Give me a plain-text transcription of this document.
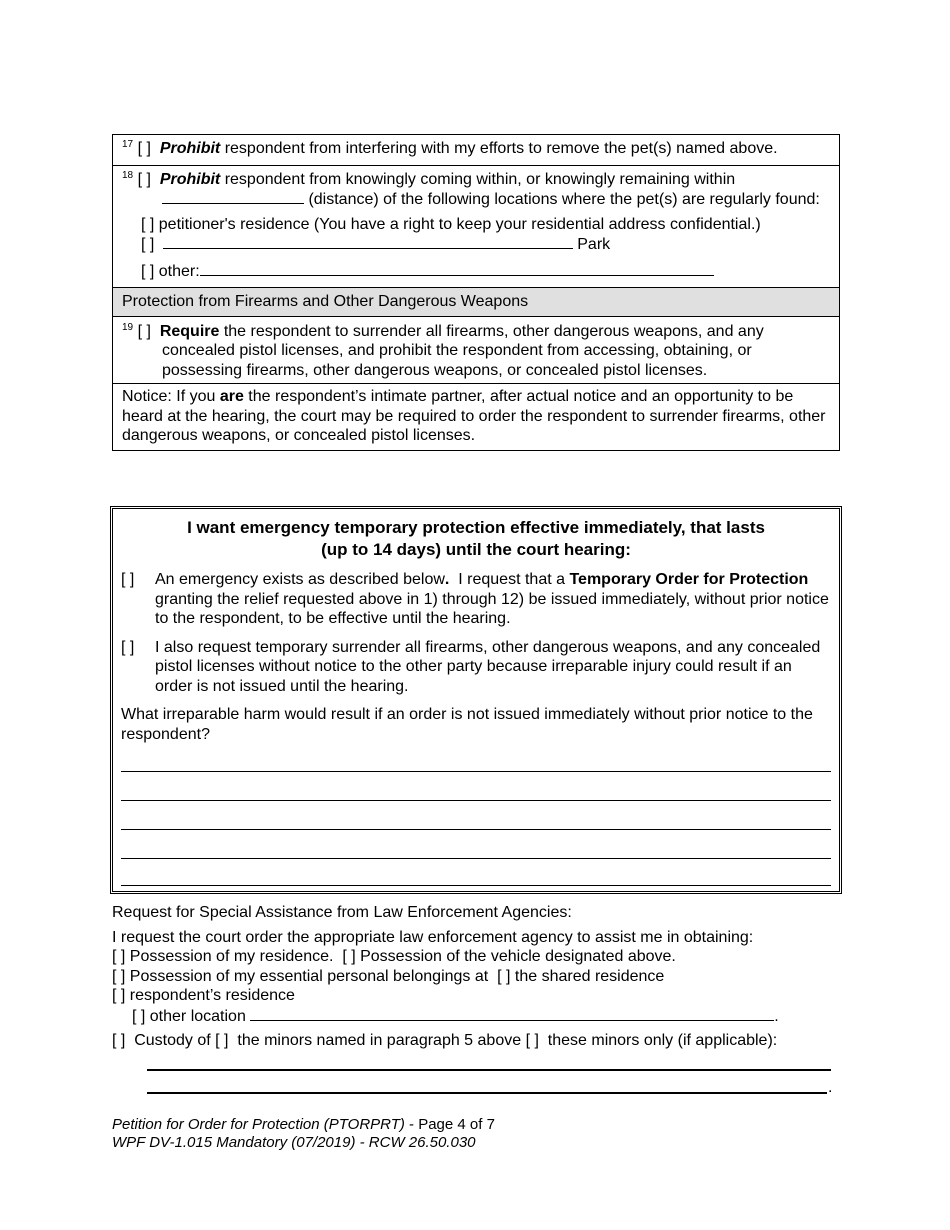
$^{17}$ [ ] Prohibit respondent from interfering with my efforts to remove the pet(s) named above.
$^{18}$ [ ] Prohibit respondent from knowingly coming within, or knowingly remaining within
(distance) of the following locations where the pet(s) are regularly found:
[ ] petitioner's residence (You have a right to keep your residential address confidential.)
[ ]	Park
[ ] other:
Protection from Firearms and Other Dangerous Weapons
$^{19}$ [ ] Require the respondent to surrender all firearms, other dangerous weapons, and any concealed pistol licenses, and prohibit the respondent from accessing, obtaining, or possessing firearms, other dangerous weapons, or concealed pistol licenses.
Notice: If you are the respondent’s intimate partner, after actual notice and an opportunity to be heard at the hearing, the court may be required to order the respondent to surrender firearms, other dangerous weapons, or concealed pistol licenses.
I want emergency temporary protection effective immediately, that lasts
(up to 14 days) until the court hearing:
[ ]	An emergency exists as described below.  I request that a Temporary Order for Protection granting the relief requested above in 1) through 12) be issued immediately, without prior notice to the respondent, to be effective until the hearing.
[ ]	I also request temporary surrender all firearms, other dangerous weapons, and any concealed pistol licenses without notice to the other party because irreparable injury could result if an order is not issued until the hearing.
What irreparable harm would result if an order is not issued immediately without prior notice to the respondent?
Request for Special Assistance from Law Enforcement Agencies:
I request the court order the appropriate law enforcement agency to assist me in obtaining:
[ ] Possession of my residence.  [ ] Possession of the vehicle designated above.
[ ] Possession of my essential personal belongings at  [ ] the shared residence
[ ] respondent’s residence
[ ] other location	.
[ ]  Custody of [ ]  the minors named in paragraph 5 above [ ]  these minors only (if applicable):
.
Petition for Order for Protection (PTORPRT) - Page 4 of 7
WPF DV-1.015 Mandatory (07/2019) - RCW 26.50.030
